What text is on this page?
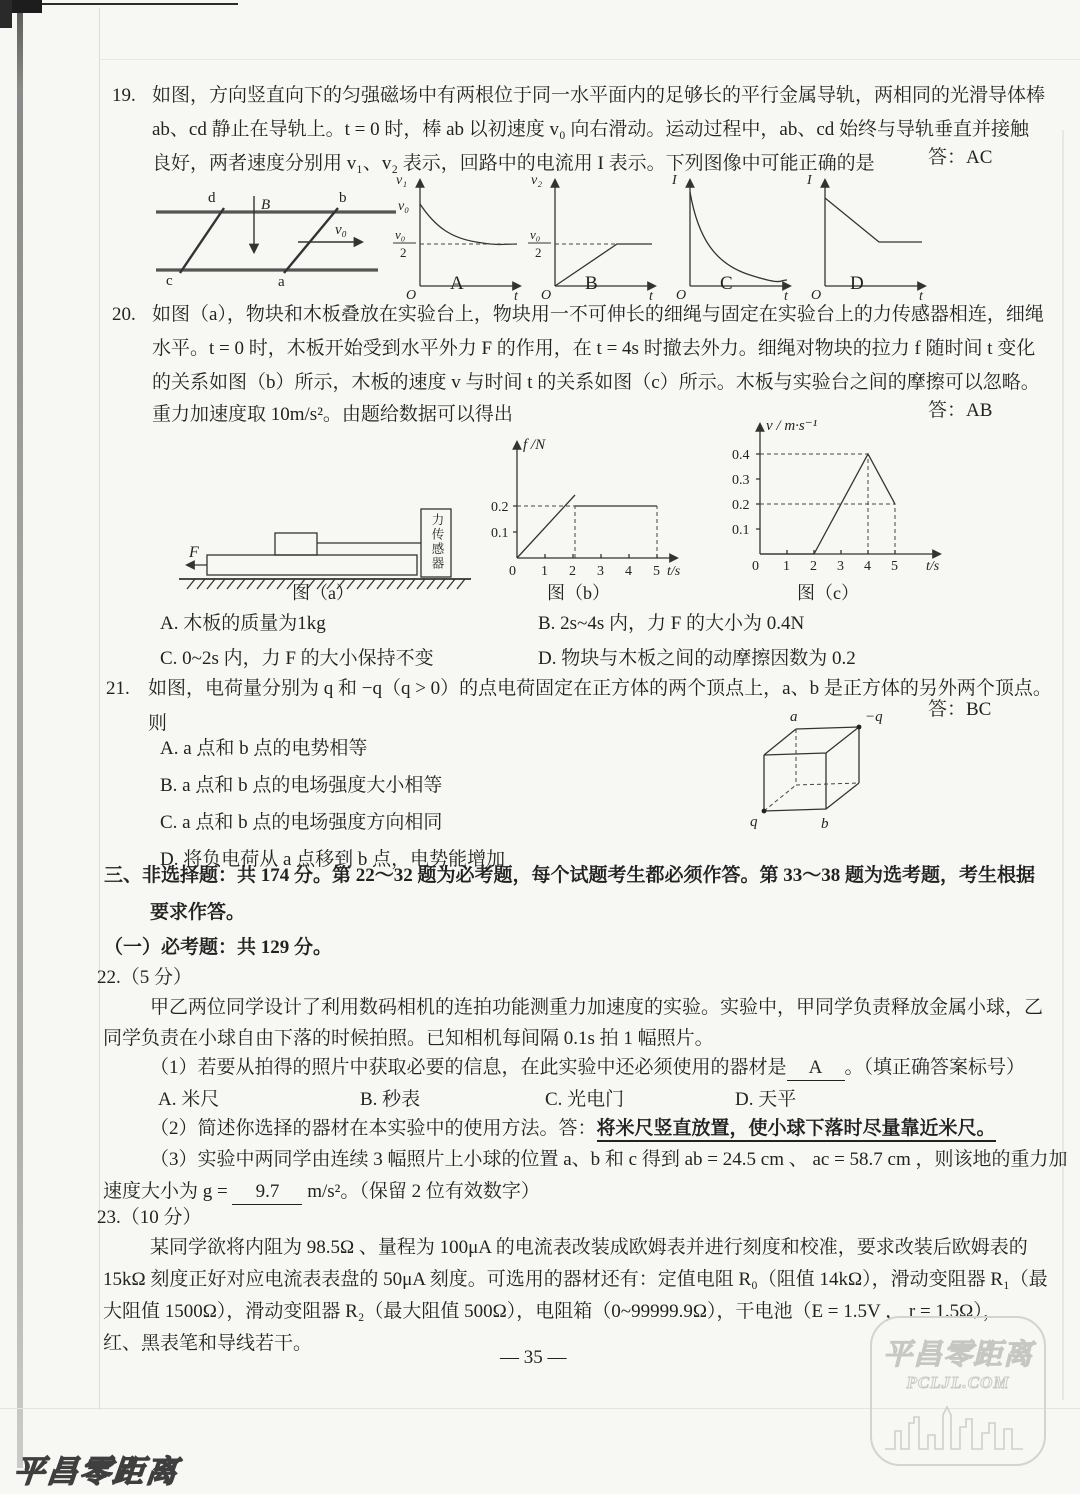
19. 如图，方向竖直向下的匀强磁场中有两根位于同一水平面内的足够长的平行金属导轨，两相同的光滑导体棒
ab、cd 静止在导轨上。t = 0 时，棒 ab 以初速度 v₀ 向右滑动。运动过程中，ab、cd 始终与导轨垂直并接触
良好，两者速度分别用 v₁、v₂ 表示，回路中的电流用 I 表示。下列图像中可能正确的是	答：AC
d	b
c	a
B
v₀
v₁
v₀
v₀
2
O	t
A
v₂
v₀
2
O	t
B
I
O	t
C
I
O	t
D
20. 如图（a），物块和木板叠放在实验台上，物块用一不可伸长的细绳与固定在实验台上的力传感器相连，细绳
水平。t = 0 时，木板开始受到水平外力 F 的作用，在 t = 4s 时撤去外力。细绳对物块的拉力 f 随时间 t 变化
的关系如图（b）所示，木板的速度 v 与时间 t 的关系如图（c）所示。木板与实验台之间的摩擦可以忽略。
重力加速度取 10m/s²。由题给数据可以得出	答：AB
F	力传感器
图（a）
f /N
0.2
0.1
0 1 2 3 4 5 t/s
图（b）
v / m·s⁻¹
0.4
0.3
0.2
0.1
0 1 2 3 4 5 t/s
图（c）
A. 木板的质量为1kg	B. 2s~4s 内，力 F 的大小为 0.4N
C. 0~2s 内，力 F 的大小保持不变	D. 物块与木板之间的动摩擦因数为 0.2
21. 如图，电荷量分别为 q 和 −q（q > 0）的点电荷固定在正方体的两个顶点上，a、b 是正方体的另外两个顶点。
则
答：BC
A. a 点和 b 点的电势相等
B. a 点和 b 点的电场强度大小相等
C. a 点和 b 点的电场强度方向相同
D. 将负电荷从 a 点移到 b 点，电势能增加
a	−q
q	b
三、非选择题：共 174 分。第 22～32 题为必考题，每个试题考生都必须作答。第 33～38 题为选考题，考生根据
要求作答。
（一）必考题：共 129 分。
22.（5 分）
甲乙两位同学设计了利用数码相机的连拍功能测重力加速度的实验。实验中，甲同学负责释放金属小球，乙
同学负责在小球自由下落的时候拍照。已知相机每间隔 0.1s 拍 1 幅照片。
（1）若要从拍得的照片中获取必要的信息，在此实验中还必须使用的器材是 A 。（填正确答案标号）
A. 米尺	B. 秒表	C. 光电门	D. 天平
（2）简述你选择的器材在本实验中的使用方法。答：将米尺竖直放置，使小球下落时尽量靠近米尺。
（3）实验中两同学由连续 3 幅照片上小球的位置 a、b 和 c 得到 ab = 24.5 cm 、 ac = 58.7 cm ，则该地的重力加
速度大小为 g = 9.7 m/s²。（保留 2 位有效数字）
23.（10 分）
某同学欲将内阻为 98.5Ω 、量程为 100μA 的电流表改装成欧姆表并进行刻度和校准，要求改装后欧姆表的
15kΩ 刻度正好对应电流表表盘的 50μA 刻度。可选用的器材还有：定值电阻 R₀（阻值 14kΩ），滑动变阻器 R₁（最
大阻值 1500Ω），滑动变阻器 R₂（最大阻值 500Ω），电阻箱（0~99999.9Ω），干电池（E = 1.5V ， r = 1.5Ω），
红、黑表笔和导线若干。
— 35 —	平昌零距离
PCLJL.COM
平昌零距离
